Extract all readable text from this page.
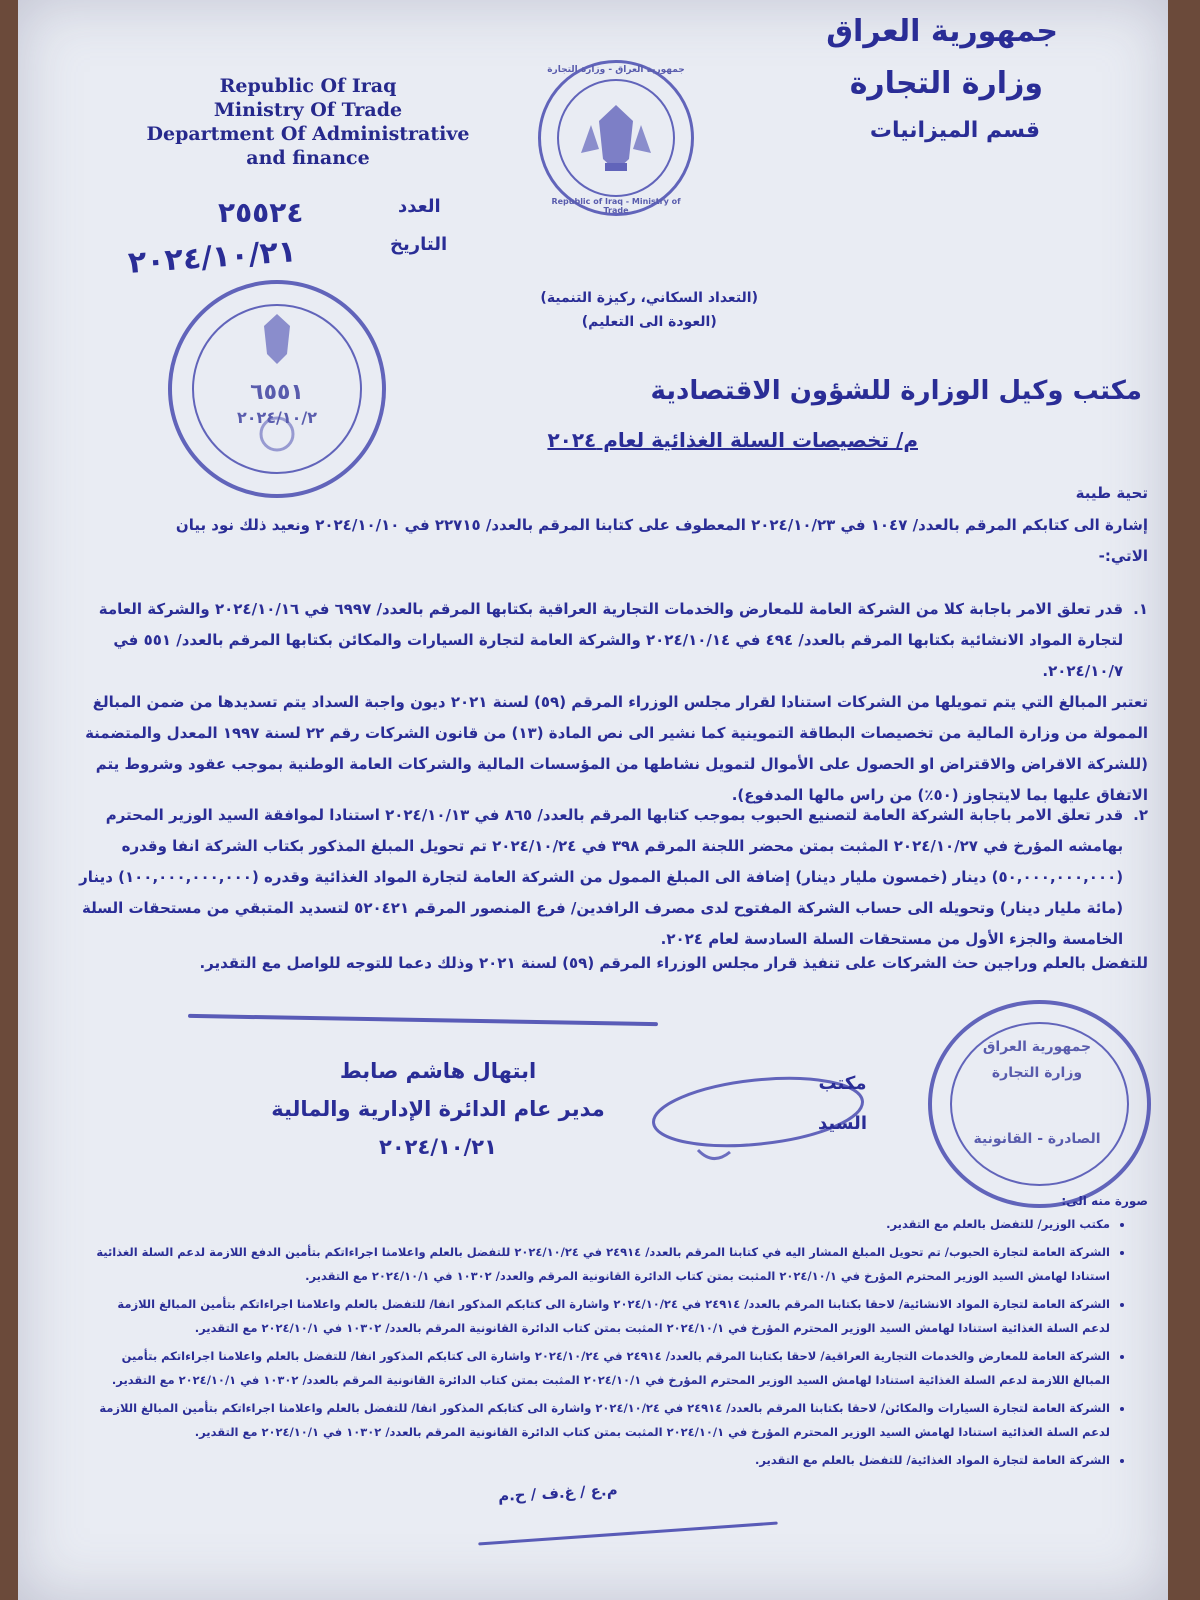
جمهورية العراق
وزارة التجارة
قسم الميزانيات
Republic Of Iraq
Ministry Of Trade
Department Of Administrative
and finance
جمهورية العراق - وزارة التجارة
Republic of Iraq - Ministry of Trade
العدد
٢٥٥٢٤
التاريخ
٢٠٢٤/١٠/٢١
(التعداد السكاني، ركيزة التنمية)
(العودة الى التعليم)
٦٥٥١
٢٠٢٤/١٠/٢
مكتب وكيل الوزارة للشؤون الاقتصادية
م/ تخصيصات السلة الغذائية لعام ٢٠٢٤
تحية طيبة
إشارة الى كتابكم المرقم بالعدد/ ١٠٤٧ في ٢٠٢٤/١٠/٢٣ المعطوف على كتابنا المرقم بالعدد/ ٢٢٧١٥ في ٢٠٢٤/١٠/١٠ ونعيد ذلك نود بيان الاتي:-
١.
قدر تعلق الامر باجابة كلا من الشركة العامة للمعارض والخدمات التجارية العراقية بكتابها المرقم بالعدد/ ٦٩٩٧ في ٢٠٢٤/١٠/١٦ والشركة العامة لتجارة المواد الانشائية بكتابها المرقم بالعدد/ ٤٩٤ في ٢٠٢٤/١٠/١٤ والشركة العامة لتجارة السيارات والمكائن بكتابها المرقم بالعدد/ ٥٥١ في ٢٠٢٤/١٠/٧.
تعتبر المبالغ التي يتم تمويلها من الشركات استنادا لقرار مجلس الوزراء المرقم (٥٩) لسنة ٢٠٢١ ديون واجبة السداد يتم تسديدها من ضمن المبالغ الممولة من وزارة المالية من تخصيصات البطاقة التموينية كما نشير الى نص المادة (١٣) من قانون الشركات رقم ٢٢ لسنة ١٩٩٧ المعدل والمتضمنة (للشركة الاقراض والاقتراض او الحصول على الأموال لتمويل نشاطها من المؤسسات المالية والشركات العامة الوطنية بموجب عقود وشروط يتم الاتفاق عليها بما لايتجاوز (٥٠٪) من راس مالها المدفوع).
٢.
قدر تعلق الامر باجابة الشركة العامة لتصنيع الحبوب بموجب كتابها المرقم بالعدد/ ٨٦٥ في ٢٠٢٤/١٠/١٣ استنادا لموافقة السيد الوزير المحترم بهامشه المؤرخ في ٢٠٢٤/١٠/٢٧ المثبت بمتن محضر اللجنة المرقم ٣٩٨ في ٢٠٢٤/١٠/٢٤ تم تحويل المبلغ المذكور بكتاب الشركة انفا وقدره (٥٠,٠٠٠,٠٠٠,٠٠٠) دينار (خمسون مليار دينار) إضافة الى المبلغ الممول من الشركة العامة لتجارة المواد الغذائية وقدره (١٠٠,٠٠٠,٠٠٠,٠٠٠) دينار (مائة مليار دينار) وتحويله الى حساب الشركة المفتوح لدى مصرف الرافدين/ فرع المنصور المرقم ٥٢٠٤٢١ لتسديد المتبقي من مستحقات السلة الخامسة والجزء الأول من مستحقات السلة السادسة لعام ٢٠٢٤.
للتفضل بالعلم وراجين حث الشركات على تنفيذ قرار مجلس الوزراء المرقم (٥٩) لسنة ٢٠٢١ وذلك دعما للتوجه للواصل مع التقدير.
مكتب
السيد
ابتهال هاشم صابط
مدير عام الدائرة الإدارية والمالية
٢٠٢٤/١٠/٢١
جمهورية العراق
وزارة التجارة
الصادرة - القانونية
صورة منه الى:
• مكتب الوزير/ للتفضل بالعلم مع التقدير.
• الشركة العامة لتجارة الحبوب/ تم تحويل المبلغ المشار اليه في كتابنا المرقم بالعدد/ ٢٤٩١٤ في ٢٠٢٤/١٠/٢٤ للتفضل بالعلم واعلامنا اجراءاتكم بتأمين الدفع اللازمة لدعم السلة الغذائية استنادا لهامش السيد الوزير المحترم المؤرخ في ٢٠٢٤/١٠/١ المثبت بمتن كتاب الدائرة القانونية المرقم والعدد/ ١٠٣٠٢ في ٢٠٢٤/١٠/١ مع التقدير.
• الشركة العامة لتجارة المواد الانشائية/ لاحقا بكتابنا المرقم بالعدد/ ٢٤٩١٤ في ٢٠٢٤/١٠/٢٤ واشارة الى كتابكم المذكور انفا/ للتفضل بالعلم واعلامنا اجراءاتكم بتأمين المبالغ اللازمة لدعم السلة الغذائية استنادا لهامش السيد الوزير المحترم المؤرخ في ٢٠٢٤/١٠/١ المثبت بمتن كتاب الدائرة القانونية المرقم بالعدد/ ١٠٣٠٢ في ٢٠٢٤/١٠/١ مع التقدير.
• الشركة العامة للمعارض والخدمات التجارية العراقية/ لاحقا بكتابنا المرقم بالعدد/ ٢٤٩١٤ في ٢٠٢٤/١٠/٢٤ واشارة الى كتابكم المذكور انفا/ للتفضل بالعلم واعلامنا اجراءاتكم بتأمين المبالغ اللازمة لدعم السلة الغذائية استنادا لهامش السيد الوزير المحترم المؤرخ في ٢٠٢٤/١٠/١ المثبت بمتن كتاب الدائرة القانونية المرقم بالعدد/ ١٠٣٠٢ في ٢٠٢٤/١٠/١ مع التقدير.
• الشركة العامة لتجارة السيارات والمكائن/ لاحقا بكتابنا المرقم بالعدد/ ٢٤٩١٤ في ٢٠٢٤/١٠/٢٤ واشارة الى كتابكم المذكور انفا/ للتفضل بالعلم واعلامنا اجراءاتكم بتأمين المبالغ اللازمة لدعم السلة الغذائية استنادا لهامش السيد الوزير المحترم المؤرخ في ٢٠٢٤/١٠/١ المثبت بمتن كتاب الدائرة القانونية المرقم بالعدد/ ١٠٣٠٢ في ٢٠٢٤/١٠/١ مع التقدير.
• الشركة العامة لتجارة المواد الغذائية/ للتفضل بالعلم مع التقدير.
م.ع / غ.ف / ح.م
